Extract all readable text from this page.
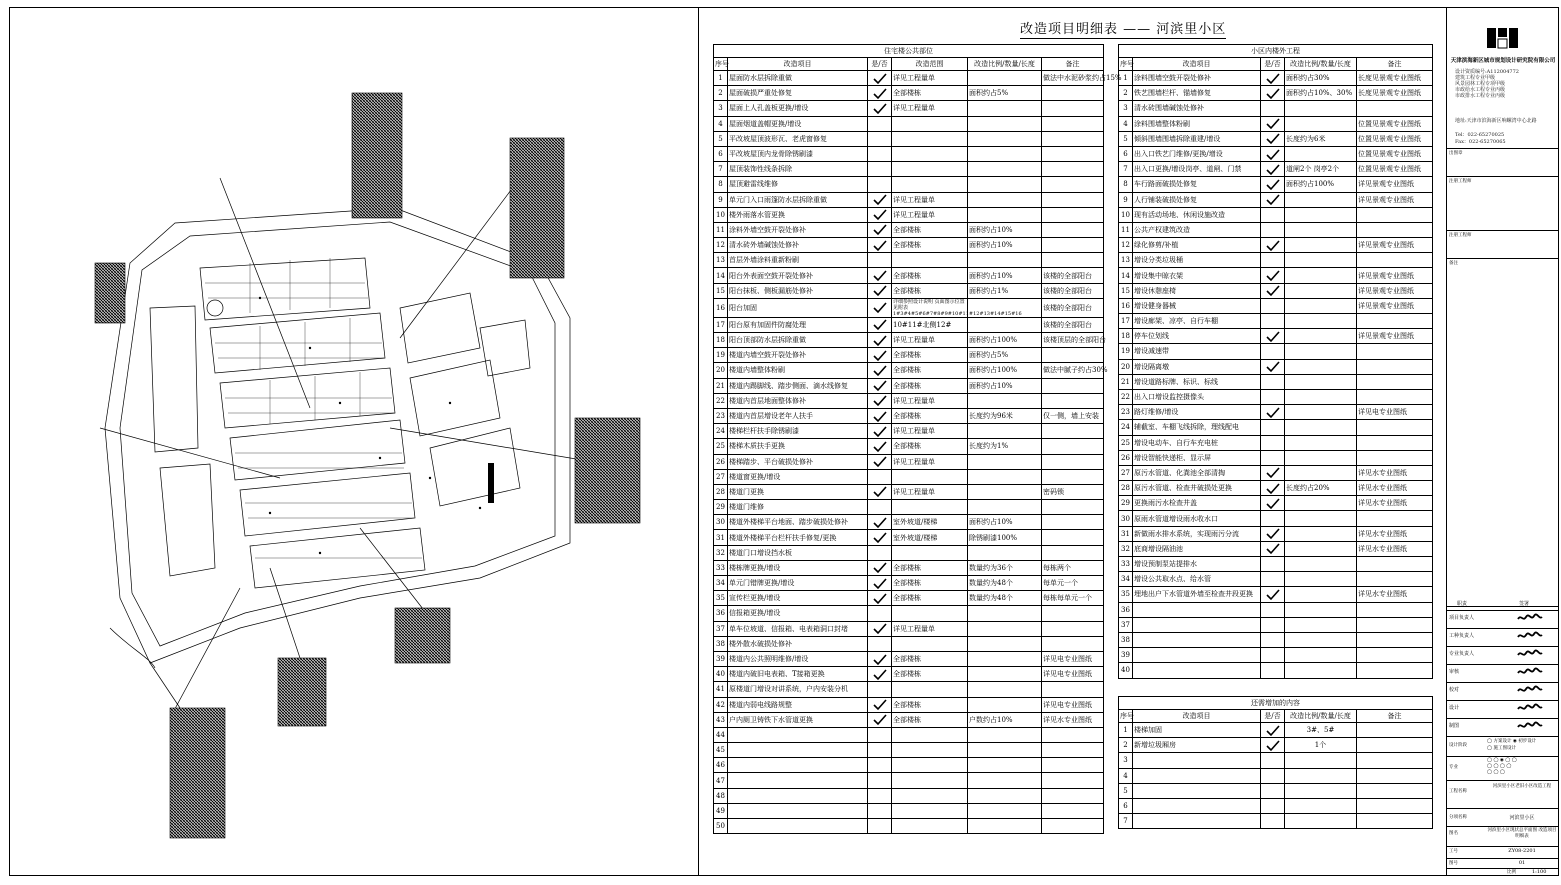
改造项目明细表 —— 河滨里小区
住宅楼公共部位					
序号	改造项目	是/否	改造范围	改造比例/数量/长度	备注
1	屋面防水层拆除重做		详见工程量单		做法中水泥砂浆约占15%
2	屋面破损严重处修复		全部楼栋	面积约占5%	
3	屋面上人孔盖板更换/增设		详见工程量单		
4	屋面烟道盖帽更换/增设				
5	平改坡屋顶波形瓦、老虎窗修复				
6	平改坡屋顶内龙骨除锈刷漆				
7	屋顶装饰性线条拆除				
8	屋顶避雷线维修				
9	单元门入口雨篷防水层拆除重做		详见工程量单		
10	楼外雨落水管更换		详见工程量单		
11	涂料外墙空鼓开裂处修补		全部楼栋	面积约占10%	
12	清水砖外墙碱蚀处修补		全部楼栋	面积约占10%	
13	首层外墙涂料重新粉刷				
14	阳台外表面空鼓开裂处修补		全部楼栋	面积约占10%	该楼的全部阳台
15	阳台抹板、侧板漏筋处修补		全部楼栋	面积约占1%	该楼的全部阳台
16	阳台加固		详细参照设计说明 页面图示位置 见附表1#3#4#5#6#7#8#9#10#11#12#13#14#15#16		该楼的全部阳台
17	阳台原有加固件防腐处理		10#11#北侧12#		该楼的全部阳台
18	阳台顶部防水层拆除重做		详见工程量单	面积约占100%	该楼顶层的全部阳台
19	楼道内墙空鼓开裂处修补		全部楼栋	面积约占5%	
20	楼道内墙整体粉刷		全部楼栋	面积约占100%	做法中腻子约占30%
21	楼道内踢脚线、踏步侧面、滴水线修复		全部楼栋	面积约占10%	
22	楼道内首层地面整体修补		详见工程量单		
23	楼道内首层增设老年人扶手		全部楼栋	长度约为96米	仅一侧，墙上安装
24	楼梯栏杆扶手除锈刷漆		详见工程量单		
25	楼梯木质扶手更换		全部楼栋	长度约为1%	
26	楼梯踏步、平台破损处修补		详见工程量单		
27	楼道窗更换/增设				
28	楼道门更换		详见工程量单		密码锁
29	楼道门维修				
30	楼道外楼梯平台地面、踏步破损处修补		室外坡道/楼梯	面积约占10%	
31	楼道外楼梯平台栏杆扶手修复/更换		室外坡道/楼梯	除锈刷漆100%	
32	楼道门口增设挡水板				
33	楼栋牌更换/增设		全部楼栋	数量约为36个	每栋两个
34	单元门错牌更换/增设		全部楼栋	数量约为48个	每单元一个
35	宣传栏更换/增设		全部楼栋	数量约为48个	每栋每单元一个
36	信报箱更换/增设				
37	单车位坡道、信报箱、电表箱洞口封堵		详见工程量单		
38	楼外散水破损处修补				
39	楼道内公共照明维修/增设		全部楼栋		详见电专业图纸
40	楼道内破旧电表箱、T接箱更换		全部楼栋		详见电专业图纸
41	原楼道门增设对讲系统，户内安装分机				
42	楼道内弱电线路规整		全部楼栋		详见电专业图纸
43	户内厕卫铸铁下水管道更换		全部楼栋	户数约占10%	详见水专业图纸
44					
45					
46					
47					
48					
49					
50					
小区内楼外工程				
序号	改造项目	是/否	改造比例/数量/长度	备注
1	涂料围墙空鼓开裂处修补		面积约占30%	长度见景观专业图纸
2	铁艺围墙栏杆、锚墙修复		面积约占10%、30%	长度见景观专业图纸
3	清水砖围墙碱蚀处修补			
4	涂料围墙整体粉刷			位置见景观专业图纸
5	倾斜围墙围墙拆除重建/增设		长度约为6米	位置见景观专业图纸
6	出入口铁艺门维修/更换/增设			位置见景观专业图纸
7	出入口更换/增设岗亭、道闸、门禁		道闸2个 岗亭2个	位置见景观专业图纸
8	车行路面破损处修复		面积约占100%	详见景观专业图纸
9	人行铺装破损处修复			详见景观专业图纸
10	现有活动场地、休闲设施改造			
11	公共产权建筑改造			
12	绿化修剪/补植			详见景观专业图纸
13	增设分类垃圾桶			
14	增设集中晾衣架			详见景观专业图纸
15	增设休憩座椅			详见景观专业图纸
16	增设健身器械			详见景观专业图纸
17	增设廊架、凉亭、自行车棚			
18	停车位划线			详见景观专业图纸
19	增设减速带			
20	增设隔离墩	

21	增设道路标牌、标识、标线			
22	出入口增设监控摄像头			
23	路灯维修/增设			详见电专业图纸
24	辅截室、车棚飞线拆除，理线配电			
25	增设电动车、自行车充电桩			
26	增设智能快递柜、显示屏			
27	原污水管道、化粪池全部清掏			详见水专业图纸
28	原污水管道、检查井破损处更换		长度约占20%	详见水专业图纸
29	更换雨污水检查井盖			详见水专业图纸
30	原雨水管道增设雨水收水口			
31	新做雨水排水系统，实现雨污分流			详见水专业图纸
32	底商增设隔油池			详见水专业图纸
33	增设预制泵站提排水			
34	增设公共取水点、给水管			
35	埋地出户下水管道外墙至检查井段更换			详见水专业图纸
36				
37				
38				
39				
40				
还需增加的内容				
序号	改造项目	是/否	改造比例/数量/长度	备注
1	楼梯加固		3#、5#	
2	新增垃圾厢房		1个	
3				
4				
5				
6				
7				
天津滨海新区城市规划设计研究院有限公司
设计资质编号:A112004772
建筑工程专业甲级
风景园林工程专项甲级
市政给水工程专业丙级
市政排水工程专业丙级
地址:天津市滨海新区响螺湾中心北路
Tel：022-65270025
Fax：022-65270065
出图章
注册工程师
注册工程师
备注
职责	签署
项目负责人
工种负责人
专业负责人
审核
校对
设计
制图
设计阶段
◯ 方案设计 ◉ 初步设计
◯ 施工图设计
专业
◯ ◯ ◉ ◯ ◯
◯ ◯ ◯ ◯
◯ ◯ ◯
工程名称
河滨里小区老旧小区改造工程
分项名称	河滨里小区
图名
河滨里小区现状总平面图 改造项目明细表
工号	ZY08-2201
图号	01
比例	1:100
